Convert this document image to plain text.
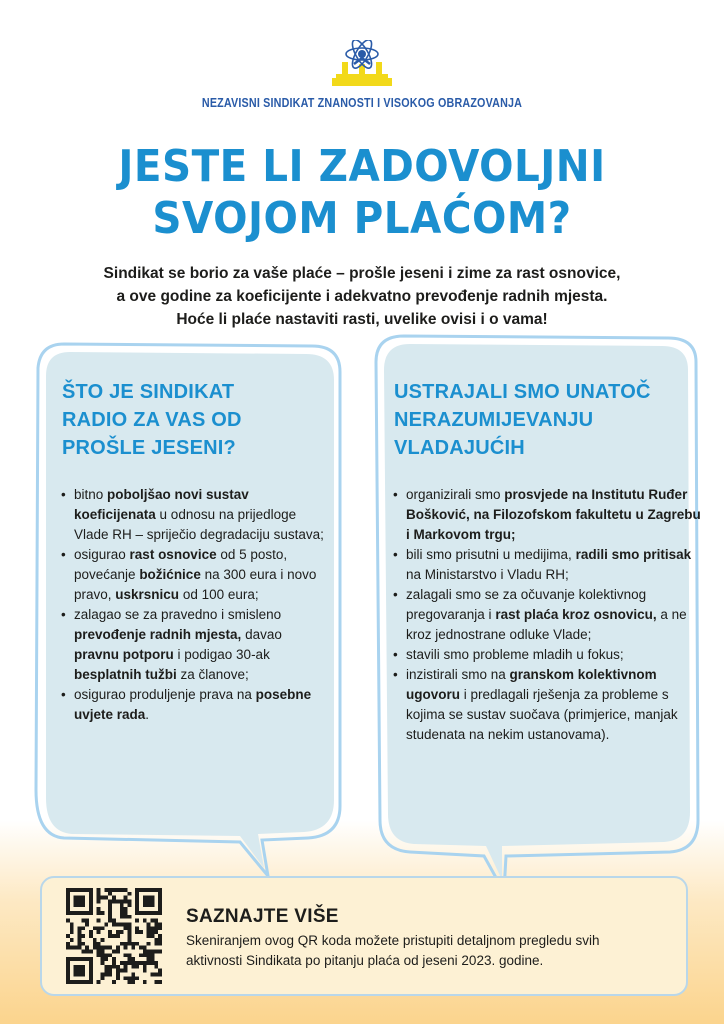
NEZAVISNI SINDIKAT ZNANOSTI I VISOKOG OBRAZOVANJA
JESTE LI ZADOVOLJNI
SVOJOM PLAĆOM?
Sindikat se borio za vaše plaće – prošle jeseni i zime za rast osnovice,
a ove godine za koeficijente i adekvatno prevođenje radnih mjesta.
Hoće li plaće nastaviti rasti, uvelike ovisi i o vama!
ŠTO JE SINDIKAT
RADIO ZA VAS OD
PROŠLE JESENI?
• bitno poboljšao novi sustav koeficijenata u odnosu na prijedloge Vlade RH – spriječio degradaciju sustava;
• osigurao rast osnovice od 5 posto, povećanje božićnice na 300 eura i novo pravo, uskrsnicu od 100 eura;
• zalagao se za pravedno i smisleno prevođenje radnih mjesta, davao pravnu potporu i podigao 30-ak besplatnih tužbi za članove;
• osigurao produljenje prava na posebne uvjete rada.
USTRAJALI SMO UNATOČ
NERAZUMIJEVANJU
VLADAJUĆIH
• organizirali smo prosvjede na Institutu Ruđer Bošković, na Filozofskom fakultetu u Zagrebu i Markovom trgu;
• bili smo prisutni u medijima, radili smo pritisak na Ministarstvo i Vladu RH;
• zalagali smo se za očuvanje kolektivnog pregovaranja i rast plaća kroz osnovicu, a ne kroz jednostrane odluke Vlade;
• stavili smo probleme mladih u fokus;
• inzistirali smo na granskom kolektivnom ugovoru i predlagali rješenja za probleme s kojima se sustav suočava (primjerice, manjak studenata na nekim ustanovama).
SAZNAJTE VIŠE
Skeniranjem ovog QR koda možete pristupiti detaljnom pregledu svih
aktivnosti Sindikata po pitanju plaća od jeseni 2023. godine.
